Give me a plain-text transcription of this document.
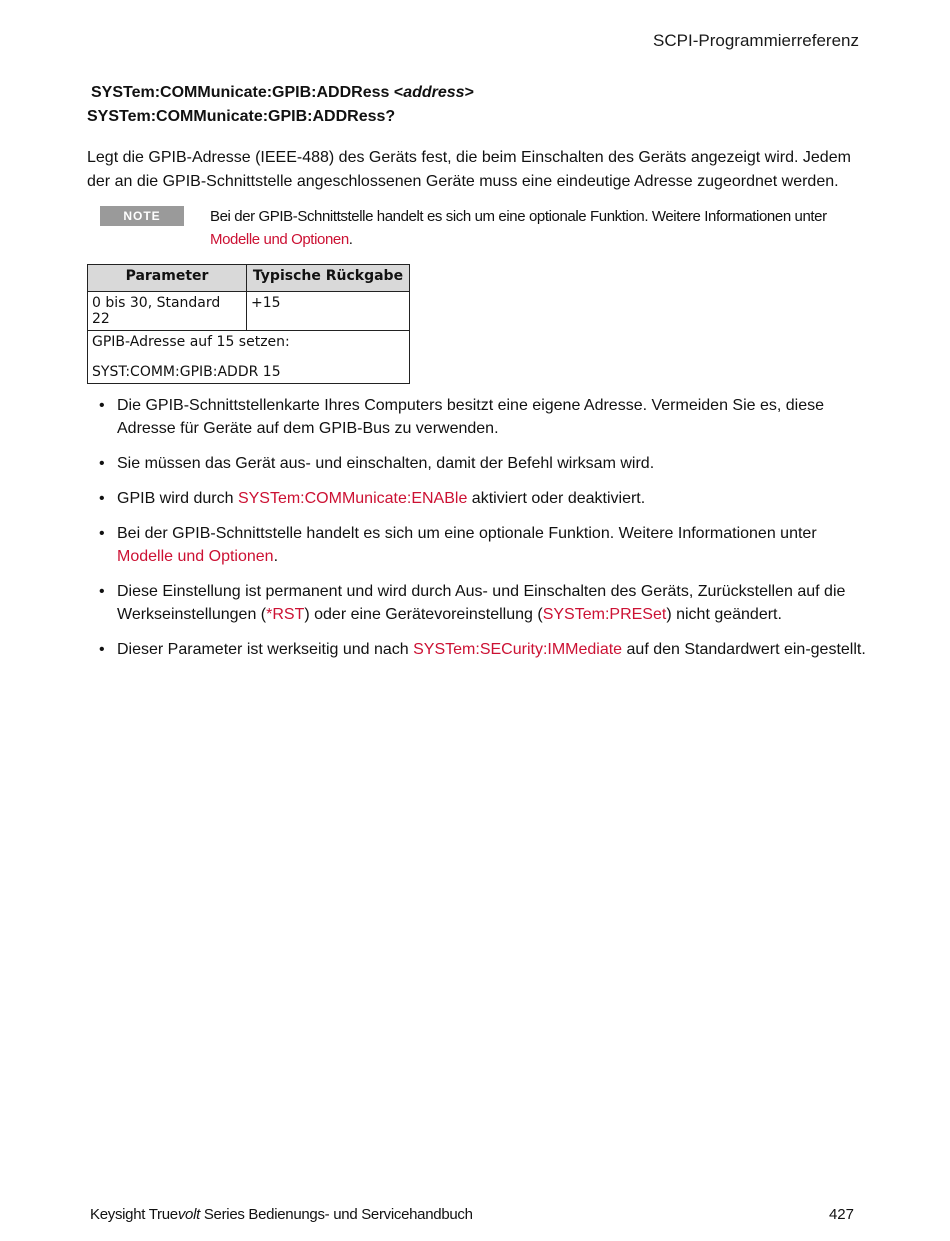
SCPI-Programmierreferenz
SYSTem:COMMunicate:GPIB:ADDRess <address>
SYSTem:COMMunicate:GPIB:ADDRess?
Legt die GPIB-Adresse (IEEE-488) des Geräts fest, die beim Einschalten des Geräts angezeigt wird. Jedem der an die GPIB-Schnittstelle angeschlossenen Geräte muss eine eindeutige Adresse zugeordnet werden.
NOTE	Bei der GPIB-Schnittstelle handelt es sich um eine optionale Funktion. Weitere Informationen unter Modelle und Optionen.
Parameter	Typische Rückgabe
0 bis 30, Standard 22	+15

GPIB-Adresse auf 15 setzen:
SYST:COMM:GPIB:ADDR 15	
• Die GPIB-Schnittstellenkarte Ihres Computers besitzt eine eigene Adresse. Vermeiden Sie es, diese Adresse für Geräte auf dem GPIB-Bus zu verwenden.
• Sie müssen das Gerät aus- und einschalten, damit der Befehl wirksam wird.
• GPIB wird durch SYSTem:COMMunicate:ENABle aktiviert oder deaktiviert.
• Bei der GPIB-Schnittstelle handelt es sich um eine optionale Funktion. Weitere Informationen unter Modelle und Optionen.
• Diese Einstellung ist permanent und wird durch Aus- und Einschalten des Geräts, Zurückstellen auf die Werkseinstellungen (*RST) oder eine Gerätevoreinstellung (SYSTem:PRESet) nicht geändert.
• Dieser Parameter ist werkseitig und nach SYSTem:SECurity:IMMediate auf den Standardwert ein-gestellt.
Keysight Truevolt Series Bedienungs- und Servicehandbuch	427
